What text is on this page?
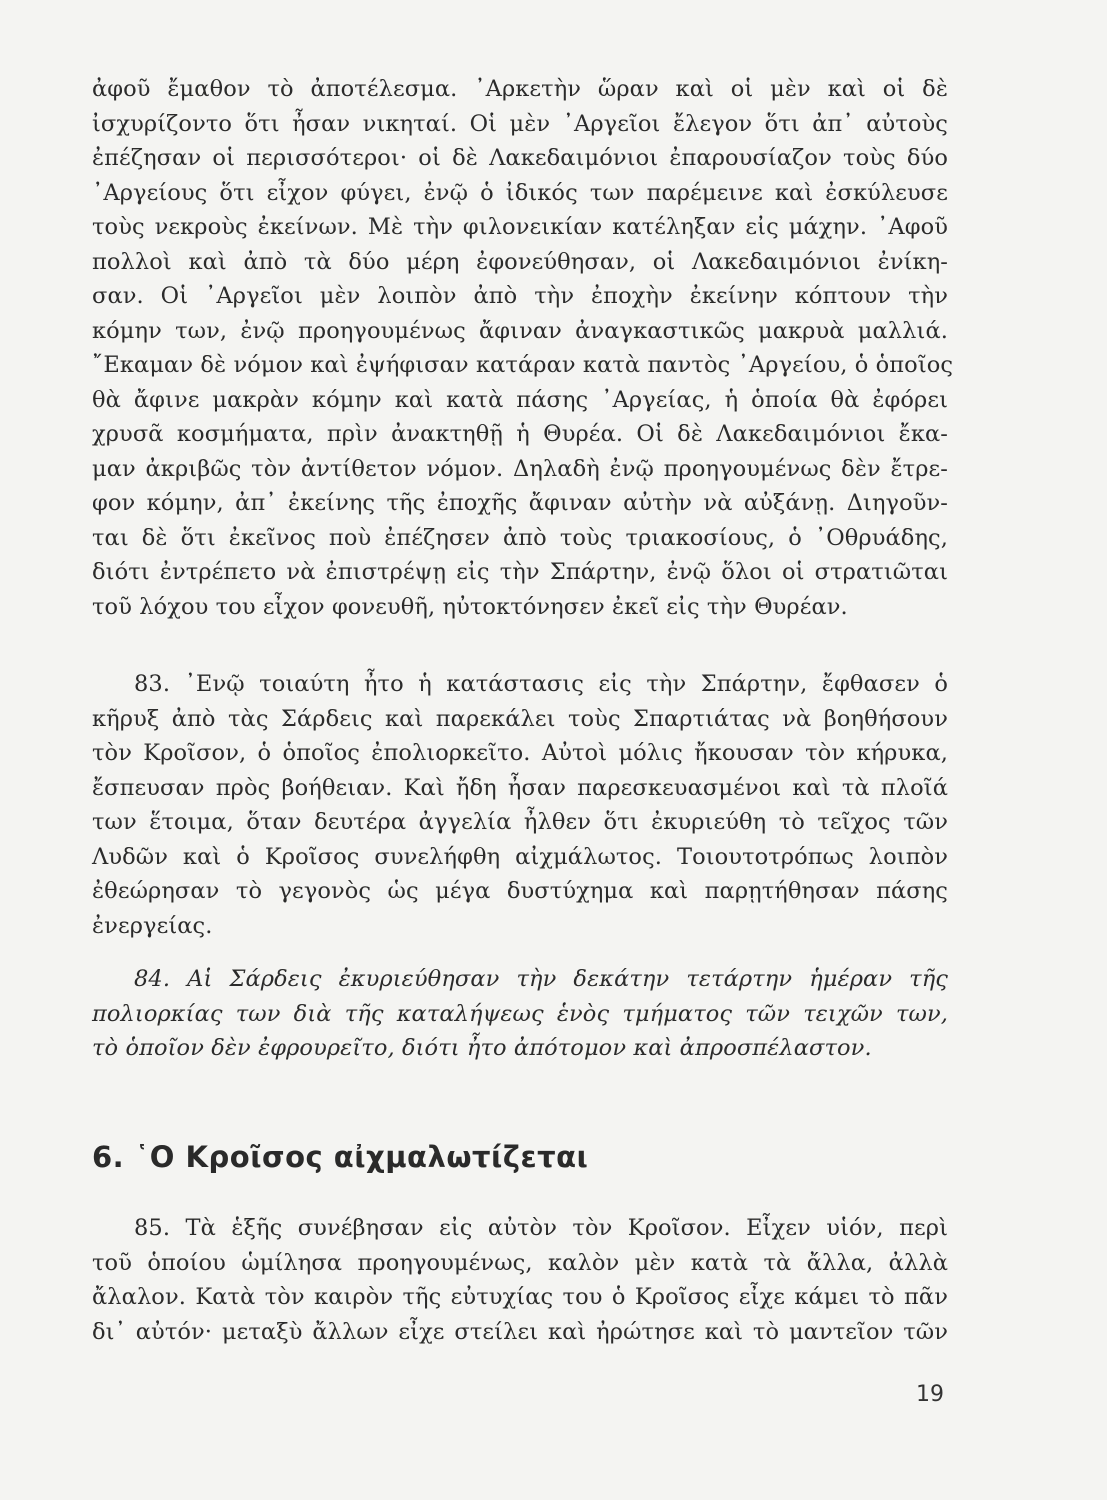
ἀφοῦ ἔμαθον τὸ ἀποτέλεσμα. ᾽Αρκετὴν ὥραν καὶ οἱ μὲν καὶ οἱ δὲ
ἰσχυρίζοντο ὅτι ἦσαν νικηταί. Οἱ μὲν ᾽Αργεῖοι ἔλεγον ὅτι ἀπ᾽ αὐτοὺς
ἐπέζησαν οἱ περισσότεροι· οἱ δὲ Λακεδαιμόνιοι ἐπαρουσίαζον τοὺς δύο
᾽Αργείους ὅτι εἶχον φύγει, ἐνῷ ὁ ἰδικός των παρέμεινε καὶ ἐσκύλευσε
τοὺς νεκροὺς ἐκείνων. Μὲ τὴν φιλονεικίαν κατέληξαν εἰς μάχην. ᾽Αφοῦ
πολλοὶ καὶ ἀπὸ τὰ δύο μέρη ἐφονεύθησαν, οἱ Λακεδαιμόνιοι ἐνίκη-
σαν. Οἱ ᾽Αργεῖοι μὲν λοιπὸν ἀπὸ τὴν ἐποχὴν ἐκείνην κόπτουν τὴν
κόμην των, ἐνῷ προηγουμένως ἄφιναν ἀναγκαστικῶς μακρυὰ μαλλιά.
῎Εκαμαν δὲ νόμον καὶ ἐψήφισαν κατάραν κατὰ παντὸς ᾽Αργείου, ὁ ὁποῖος
θὰ ἄφινε μακρὰν κόμην καὶ κατὰ πάσης ᾽Αργείας, ἡ ὁποία θὰ ἐφόρει
χρυσᾶ κοσμήματα, πρὶν ἀνακτηθῇ ἡ Θυρέα. Οἱ δὲ Λακεδαιμόνιοι ἔκα-
μαν ἀκριβῶς τὸν ἀντίθετον νόμον. Δηλαδὴ ἐνῷ προηγουμένως δὲν ἔτρε-
φον κόμην, ἀπ᾽ ἐκείνης τῆς ἐποχῆς ἄφιναν αὐτὴν νὰ αὐξάνῃ. Διηγοῦν-
ται δὲ ὅτι ἐκεῖνος ποὺ ἐπέζησεν ἀπὸ τοὺς τριακοσίους, ὁ ᾽Οθρυάδης,
διότι ἐντρέπετο νὰ ἐπιστρέψῃ εἰς τὴν Σπάρτην, ἐνῷ ὅλοι οἱ στρατιῶται
τοῦ λόχου του εἶχον φονευθῆ, ηὐτοκτόνησεν ἐκεῖ εἰς τὴν Θυρέαν.
83. ᾽Ενῷ τοιαύτη ἦτο ἡ κατάστασις εἰς τὴν Σπάρτην, ἔφθασεν ὁ
κῆρυξ ἀπὸ τὰς Σάρδεις καὶ παρεκάλει τοὺς Σπαρτιάτας νὰ βοηθήσουν
τὸν Κροῖσον, ὁ ὁποῖος ἐπολιορκεῖτο. Αὐτοὶ μόλις ἤκουσαν τὸν κήρυκα,
ἔσπευσαν πρὸς βοήθειαν. Καὶ ἤδη ἦσαν παρεσκευασμένοι καὶ τὰ πλοῖά
των ἕτοιμα, ὅταν δευτέρα ἀγγελία ἦλθεν ὅτι ἐκυριεύθη τὸ τεῖχος τῶν
Λυδῶν καὶ ὁ Κροῖσος συνελήφθη αἰχμάλωτος. Τοιουτοτρόπως λοιπὸν
ἐθεώρησαν τὸ γεγονὸς ὡς μέγα δυστύχημα καὶ παρῃτήθησαν πάσης
ἐνεργείας.
84. Αἱ Σάρδεις ἐκυριεύθησαν τὴν δεκάτην τετάρτην ἡμέραν τῆς
πολιορκίας των διὰ τῆς καταλήψεως ἑνὸς τμήματος τῶν τειχῶν των,
τὸ ὁποῖον δὲν ἐφρουρεῖτο, διότι ἦτο ἀπότομον καὶ ἀπροσπέλαστον.
6. ῾Ο Κροῖσος αἰχμαλωτίζεται
85. Τὰ ἑξῆς συνέβησαν εἰς αὐτὸν τὸν Κροῖσον. Εἶχεν υἱόν, περὶ
τοῦ ὁποίου ὡμίλησα προηγουμένως, καλὸν μὲν κατὰ τὰ ἄλλα, ἀλλὰ
ἄλαλον. Κατὰ τὸν καιρὸν τῆς εὐτυχίας του ὁ Κροῖσος εἶχε κάμει τὸ πᾶν
δι᾽ αὐτόν· μεταξὺ ἄλλων εἶχε στείλει καὶ ἠρώτησε καὶ τὸ μαντεῖον τῶν
19
